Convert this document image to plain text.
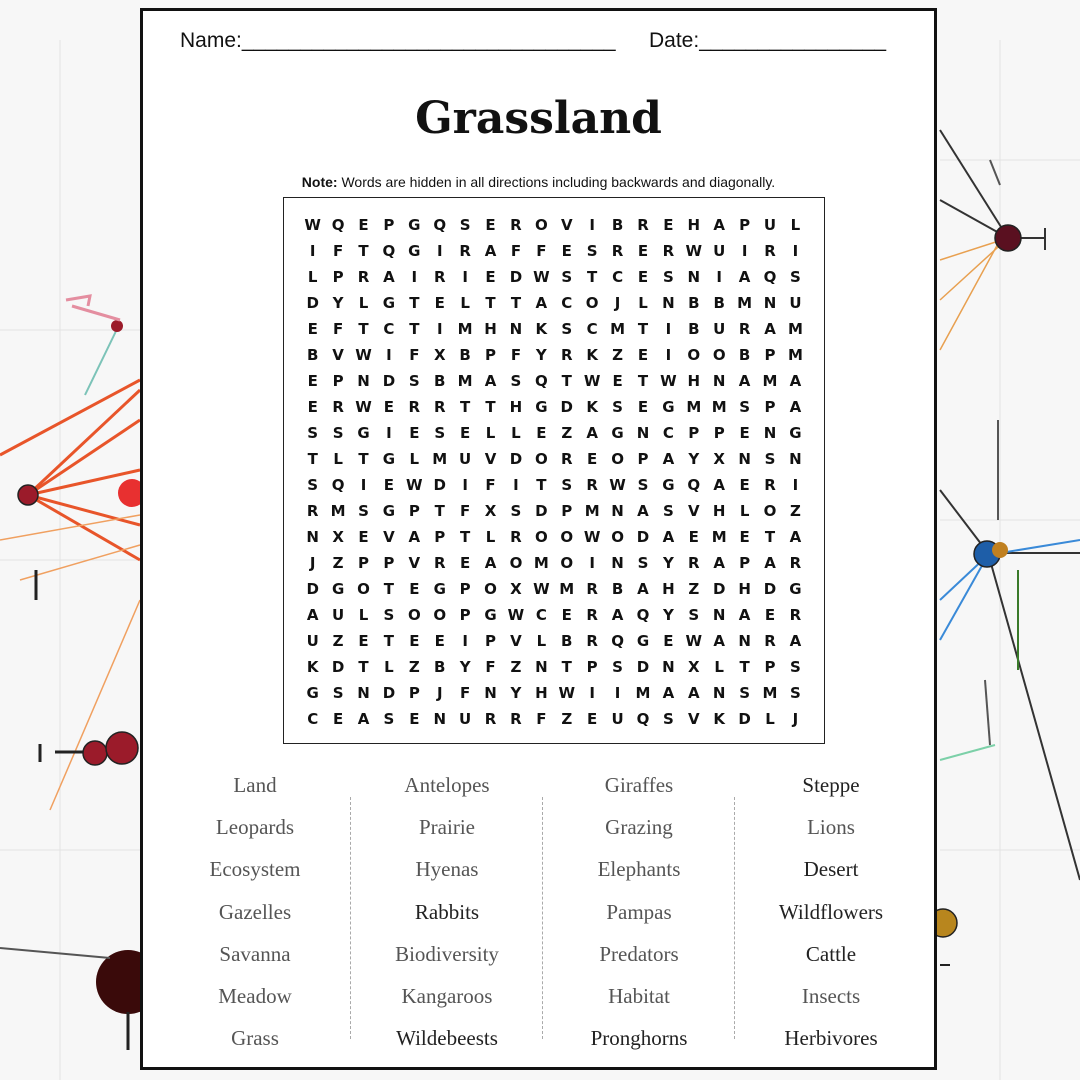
Name:________________________________ Date:________________
Grassland
Note: Words are hidden in all directions including backwards and diagonally.
W Q E P G Q S E R O V	I	B R E H A P U L
I	F	T Q G	I	R A F	F	E S R E R W U	I	R	I
L	P R A	I	R	I	E D W S T C E S N	I	A Q S
D Y	L G T	E	L	T	T A C O	J	L N B B M N U
E	F	T C T	I	M H N K S C M T	I	B U R A M
B V W I	F X B P F Y R K Z E	I	O O B P M
E P N D S B M A S Q T W E	T W H N A M A
E R W E R R T	T H G D K S E G M M S P A
S S G	I	E S E	L	L	E Z A G N C P P E N G
T	L	T G L M U V D O R E O P A Y X N S N
S Q	I	E W D	I	F	I	T S R W S G Q A E R	I
R M S G P T	F X S D P M N A S V H L O Z
N X E V A P T	L R O O W O D A E M E	T A
J	Z P P V R E A O M O	I	N S Y R A P A R
D G O T	E G P O X W M R B A H Z D H D G
A U L	S O O P G W C E R A Q Y S N A E R
U Z E	T	E	E	I	P V L B R Q G E W A N R A
K D T	L	Z B Y F Z N T P S D N X L	T P S
G S N D P	J	F N Y H W I	I	M A A N S M S
C E A S E N U R R F Z E U Q S V K D L	J
Land
Leopards
Ecosystem
Gazelles
Savanna
Meadow
Grass
Antelopes
Prairie
Hyenas
Rabbits
Biodiversity
Kangaroos
Wildebeests
Giraffes
Grazing
Elephants
Pampas
Predators
Habitat
Pronghorns
Steppe
Lions
Desert
Wildflowers
Cattle
Insects
Herbivores
